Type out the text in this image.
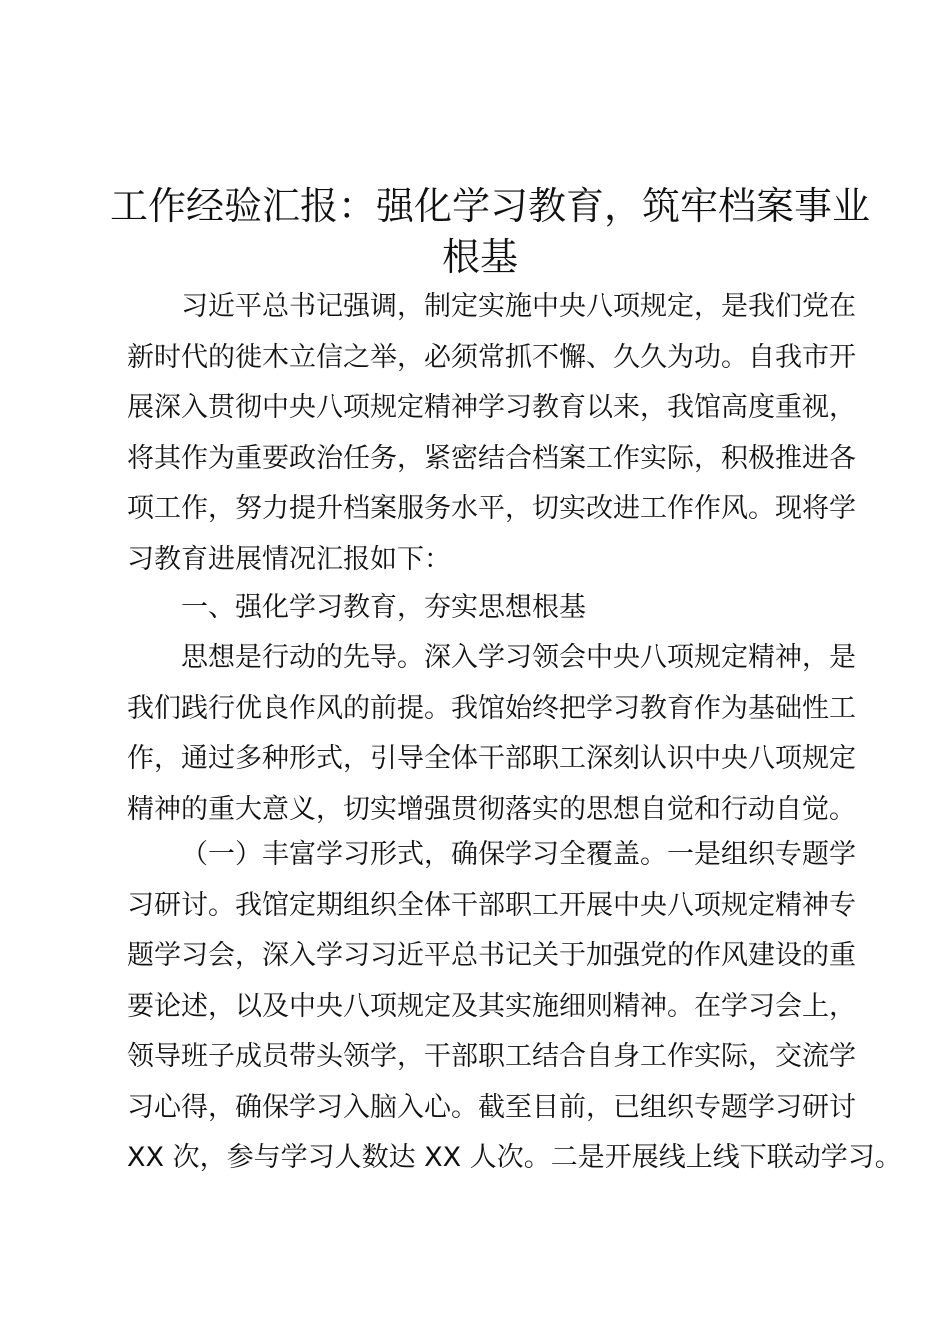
工作经验汇报：强化学习教育，筑牢档案事业
根基
习近平总书记强调，制定实施中央八项规定，是我们党在
新时代的徙木立信之举，必须常抓不懈、久久为功。自我市开
展深入贯彻中央八项规定精神学习教育以来，我馆高度重视，
将其作为重要政治任务，紧密结合档案工作实际，积极推进各
项工作，努力提升档案服务水平，切实改进工作作风。现将学
习教育进展情况汇报如下：
一、强化学习教育，夯实思想根基
思想是行动的先导。深入学习领会中央八项规定精神，是
我们践行优良作风的前提。我馆始终把学习教育作为基础性工
作，通过多种形式，引导全体干部职工深刻认识中央八项规定
精神的重大意义，切实增强贯彻落实的思想自觉和行动自觉。
（一）丰富学习形式，确保学习全覆盖。一是组织专题学
习研讨。我馆定期组织全体干部职工开展中央八项规定精神专
题学习会，深入学习习近平总书记关于加强党的作风建设的重
要论述，以及中央八项规定及其实施细则精神。在学习会上，
领导班子成员带头领学，干部职工结合自身工作实际，交流学
习心得，确保学习入脑入心。截至目前，已组织专题学习研讨
XX 次，参与学习人数达 XX 人次。二是开展线上线下联动学习。
